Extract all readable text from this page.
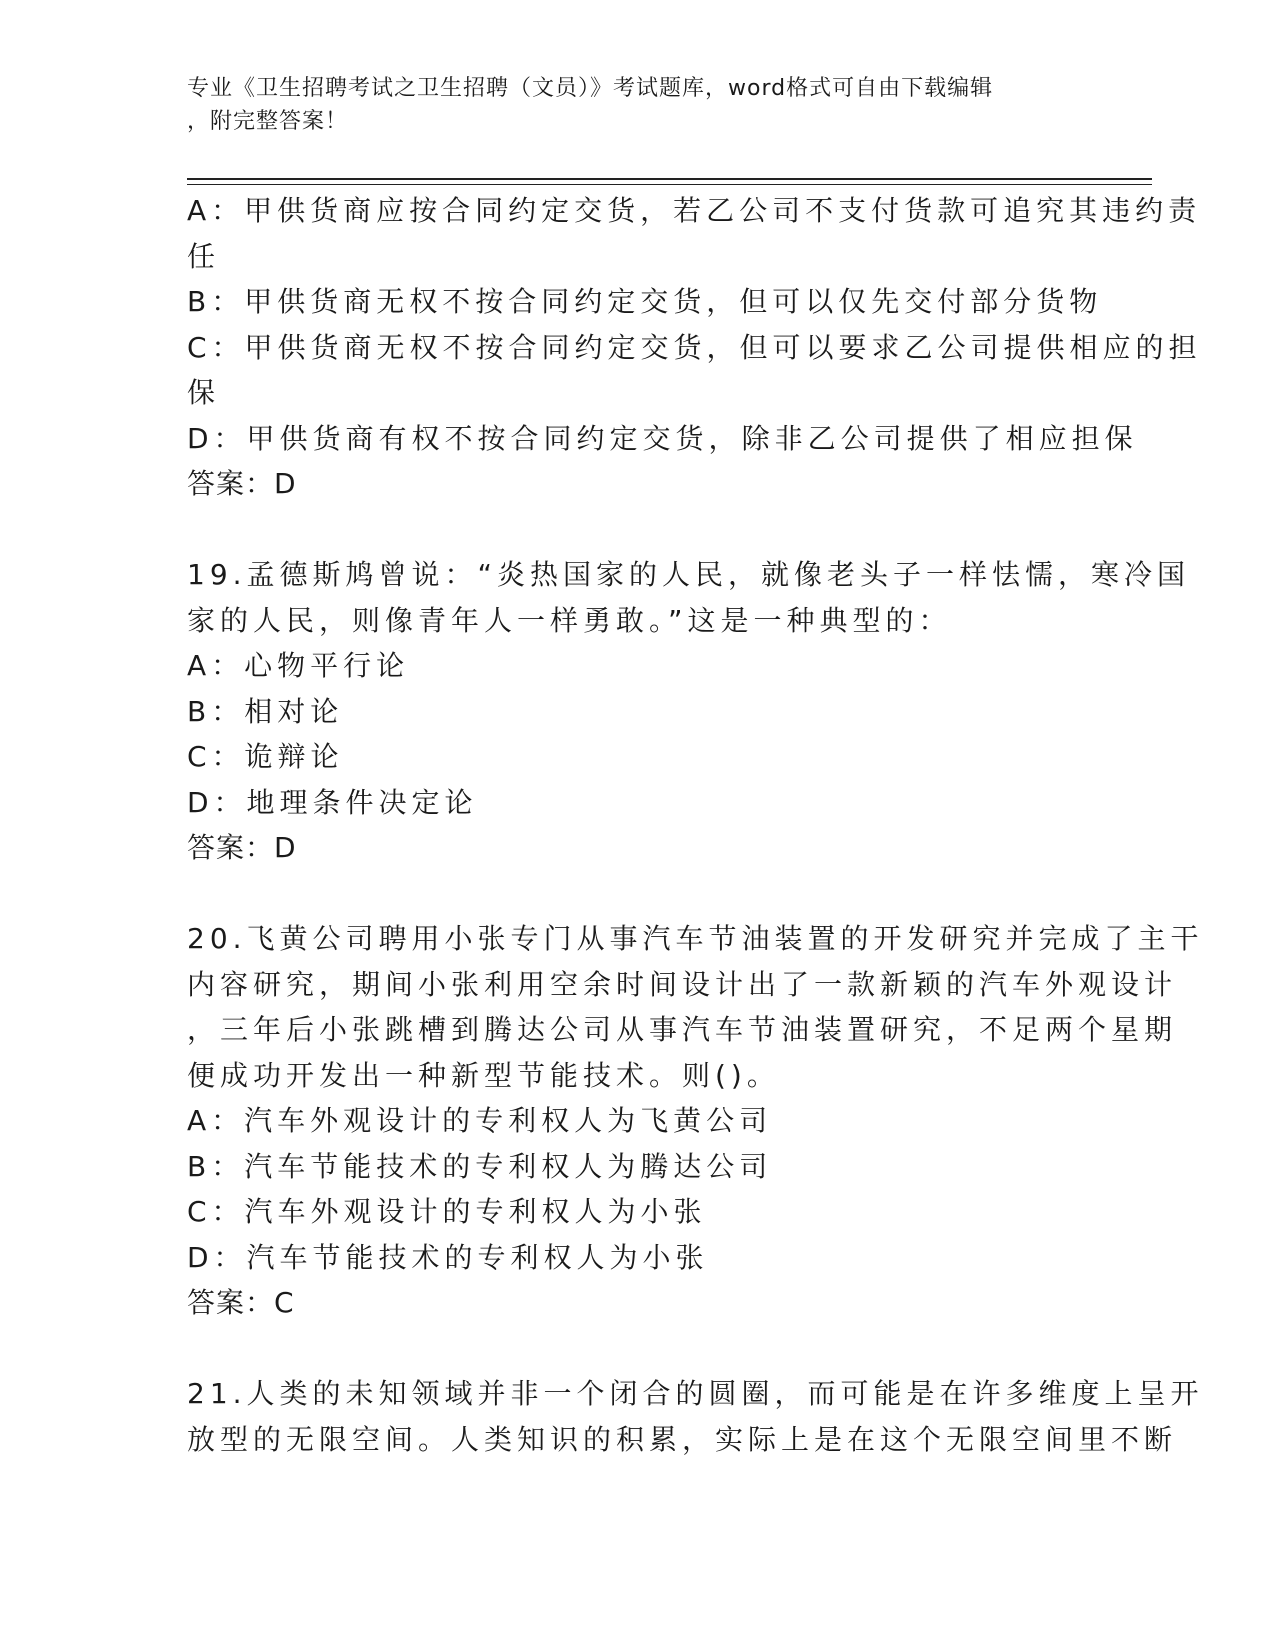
专业《卫生招聘考试之卫生招聘（文员）》考试题库，word格式可自由下载编辑
，附完整答案！
A：甲供货商应按合同约定交货，若乙公司不支付货款可追究其违约责
任
B：甲供货商无权不按合同约定交货，但可以仅先交付部分货物
C：甲供货商无权不按合同约定交货，但可以要求乙公司提供相应的担
保
D：甲供货商有权不按合同约定交货，除非乙公司提供了相应担保
答案：D
19.孟德斯鸠曾说：“炎热国家的人民，就像老头子一样怯懦，寒冷国
家的人民，则像青年人一样勇敢。”这是一种典型的：
A：心物平行论
B：相对论
C：诡辩论
D：地理条件决定论
答案：D
20.飞黄公司聘用小张专门从事汽车节油装置的开发研究并完成了主干
内容研究，期间小张利用空余时间设计出了一款新颖的汽车外观设计
，三年后小张跳槽到腾达公司从事汽车节油装置研究，不足两个星期
便成功开发出一种新型节能技术。则()。
A：汽车外观设计的专利权人为飞黄公司
B：汽车节能技术的专利权人为腾达公司
C：汽车外观设计的专利权人为小张
D：汽车节能技术的专利权人为小张
答案：C
21.人类的未知领域并非一个闭合的圆圈，而可能是在许多维度上呈开
放型的无限空间。人类知识的积累，实际上是在这个无限空间里不断
